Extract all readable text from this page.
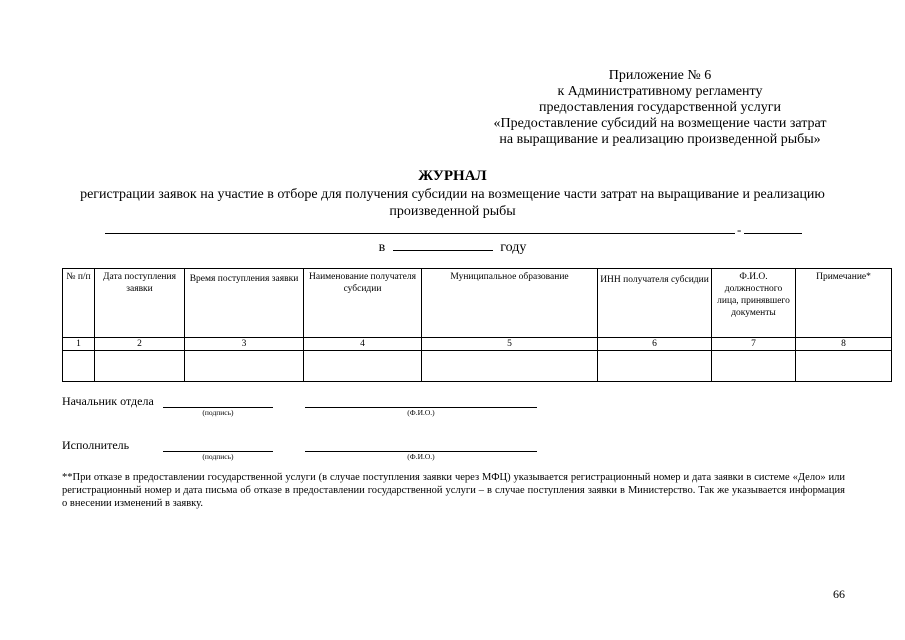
Приложение № 6
к Административному регламенту
предоставления государственной услуги
«Предоставление субсидий на возмещение части затрат
на выращивание и реализацию произведенной рыбы»
ЖУРНАЛ
регистрации заявок на участие в отборе для получения субсидии на возмещение части затрат на выращивание и реализацию произведенной рыбы
-
в	году
№ п/п	Дата поступления заявки	Время поступления заявки	Наименование получателя субсидии	Муниципальное образование	ИНН получателя субсидии	Ф.И.О. должностного лица, принявшего документы	Примечание*
1	2	3	4	5	6	7	8

Начальник отдела
(подпись)	(Ф.И.О.)
Исполнитель
(подпись)	(Ф.И.О.)
**При отказе в предоставлении государственной услуги (в случае поступления заявки через МФЦ) указывается регистрационный номер и дата заявки в системе «Дело» или регистрационный номер и дата письма об отказе в предоставлении государственной услуги – в случае поступления заявки в Министерство. Так же указывается информация о внесении изменений в заявку.
66
